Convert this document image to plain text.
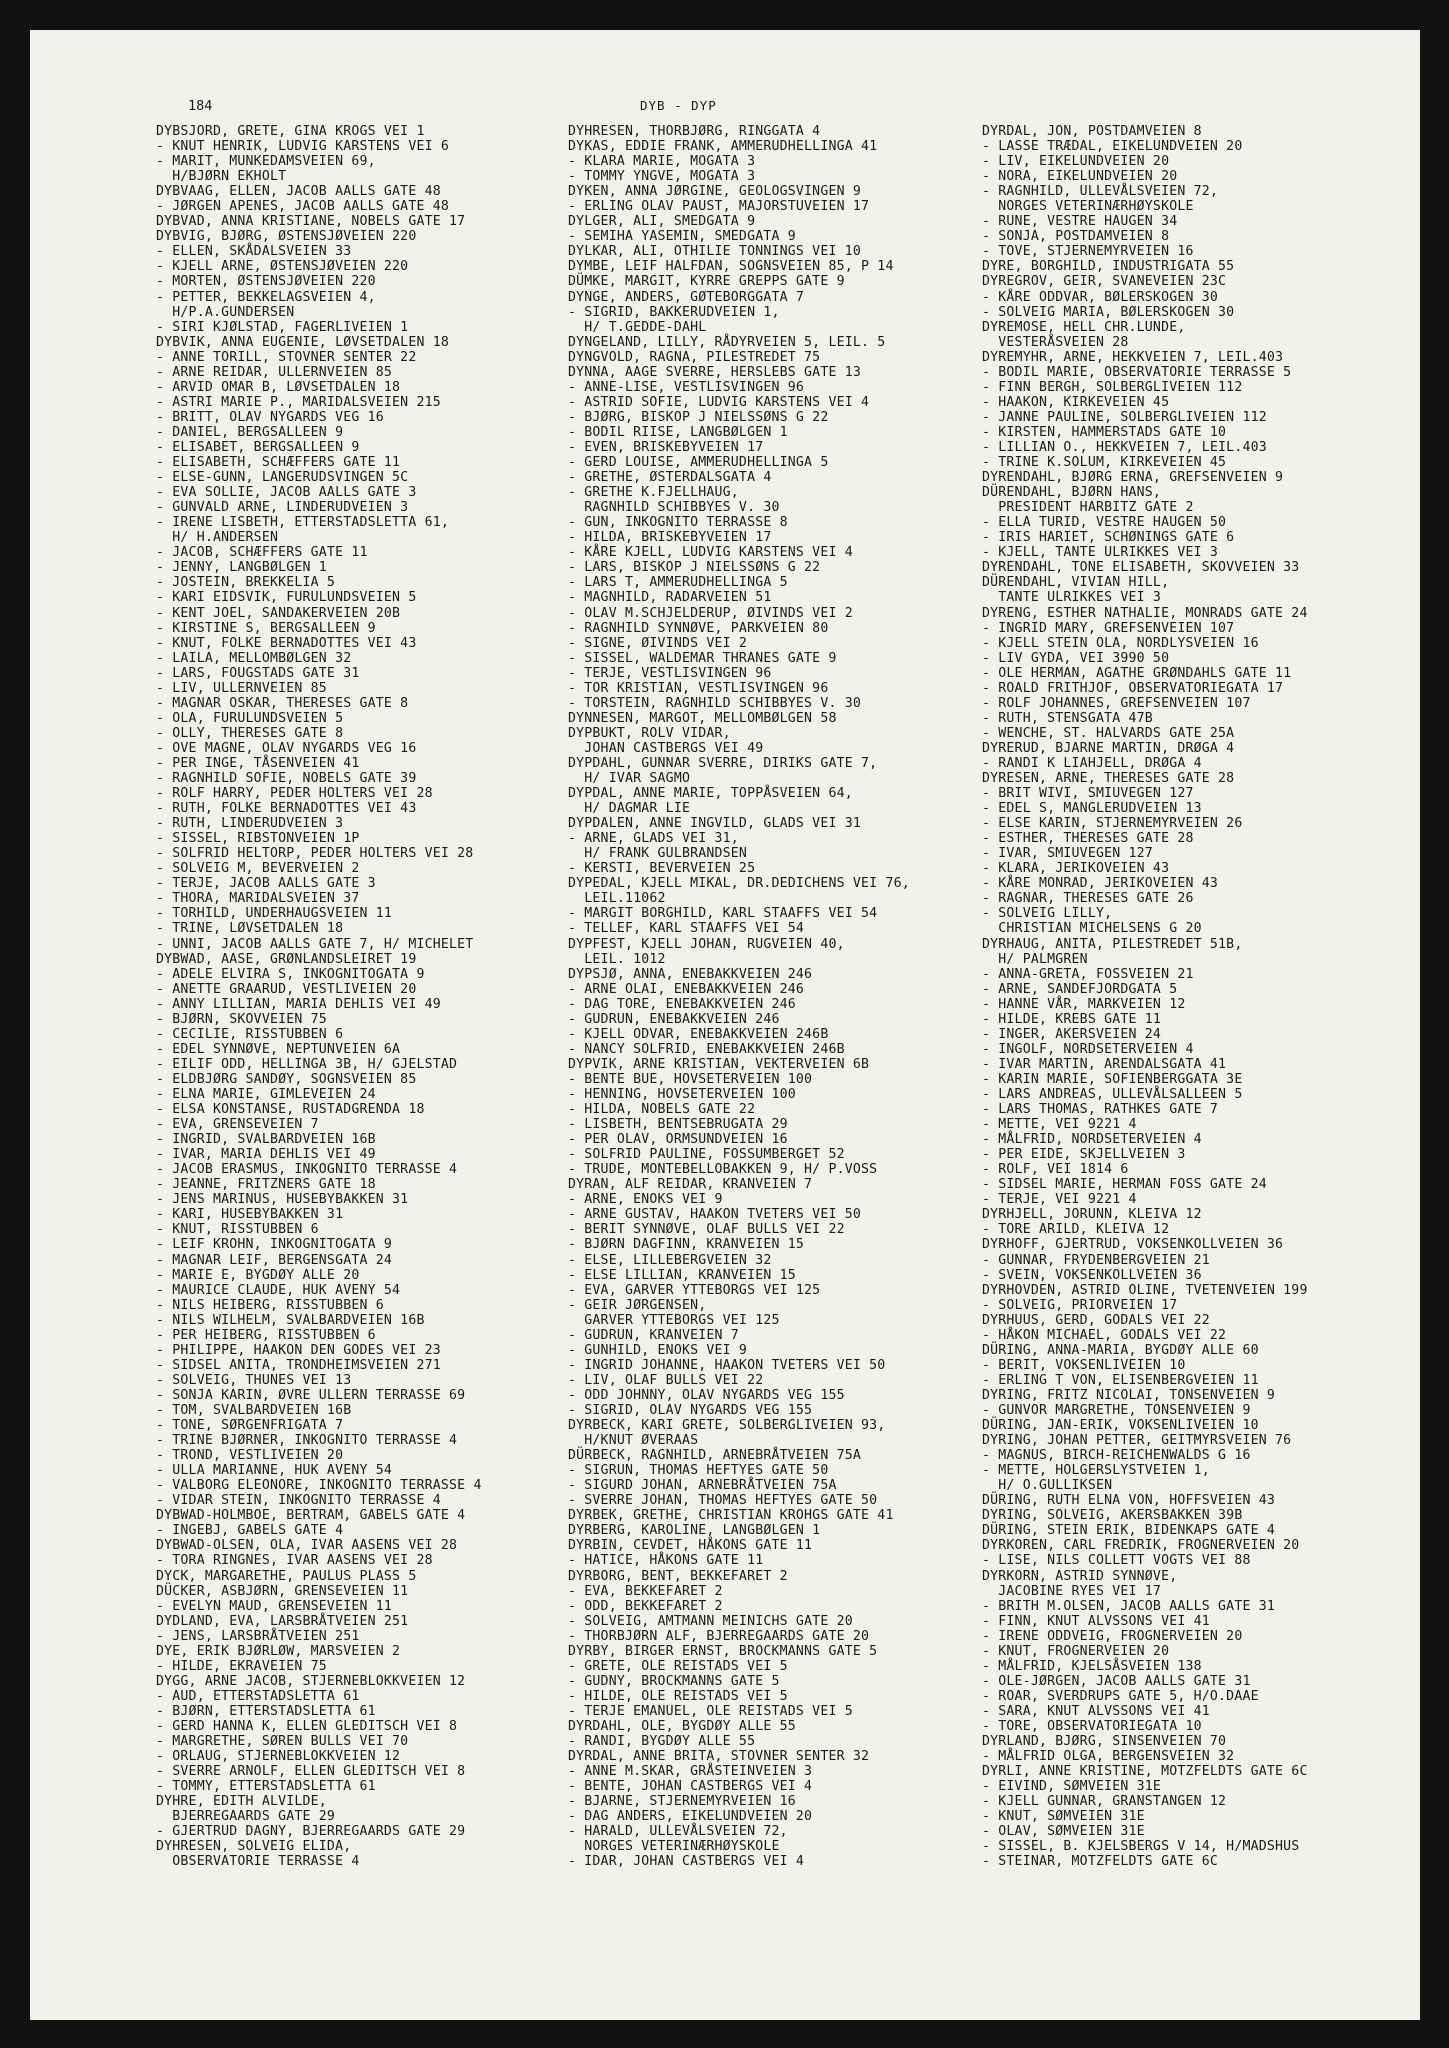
184	DYB - DYP
DYBSJORD, GRETE, GINA KROGS VEI 1
- KNUT HENRIK, LUDVIG KARSTENS VEI 6
- MARIT, MUNKEDAMSVEIEN 69,
H/BJØRN EKHOLT
DYBVAAG, ELLEN, JACOB AALLS GATE 48
- JØRGEN APENES, JACOB AALLS GATE 48
DYBVAD, ANNA KRISTIANE, NOBELS GATE 17
DYBVIG, BJØRG, ØSTENSJØVEIEN 220
- ELLEN, SKÅDALSVEIEN 33
- KJELL ARNE, ØSTENSJØVEIEN 220
- MORTEN, ØSTENSJØVEIEN 220
- PETTER, BEKKELAGSVEIEN 4,
H/P.A.GUNDERSEN
- SIRI KJØLSTAD, FAGERLIVEIEN 1
DYBVIK, ANNA EUGENIE, LØVSETDALEN 18
- ANNE TORILL, STOVNER SENTER 22
- ARNE REIDAR, ULLERNVEIEN 85
- ARVID OMAR B, LØVSETDALEN 18
- ASTRI MARIE P., MARIDALSVEIEN 215
- BRITT, OLAV NYGARDS VEG 16
- DANIEL, BERGSALLEEN 9
- ELISABET, BERGSALLEEN 9
- ELISABETH, SCHÆFFERS GATE 11
- ELSE-GUNN, LANGERUDSVINGEN 5C
- EVA SOLLIE, JACOB AALLS GATE 3
- GUNVALD ARNE, LINDERUDVEIEN 3
- IRENE LISBETH, ETTERSTADSLETTA 61,
H/ H.ANDERSEN
- JACOB, SCHÆFFERS GATE 11
- JENNY, LANGBØLGEN 1
- JOSTEIN, BREKKELIA 5
- KARI EIDSVIK, FURULUNDSVEIEN 5
- KENT JOEL, SANDAKERVEIEN 20B
- KIRSTINE S, BERGSALLEEN 9
- KNUT, FOLKE BERNADOTTES VEI 43
- LAILA, MELLOMBØLGEN 32
- LARS, FOUGSTADS GATE 31
- LIV, ULLERNVEIEN 85
- MAGNAR OSKAR, THERESES GATE 8
- OLA, FURULUNDSVEIEN 5
- OLLY, THERESES GATE 8
- OVE MAGNE, OLAV NYGARDS VEG 16
- PER INGE, TÅSENVEIEN 41
- RAGNHILD SOFIE, NOBELS GATE 39
- ROLF HARRY, PEDER HOLTERS VEI 28
- RUTH, FOLKE BERNADOTTES VEI 43
- RUTH, LINDERUDVEIEN 3
- SISSEL, RIBSTONVEIEN 1P
- SOLFRID HELTORP, PEDER HOLTERS VEI 28
- SOLVEIG M, BEVERVEIEN 2
- TERJE, JACOB AALLS GATE 3
- THORA, MARIDALSVEIEN 37
- TORHILD, UNDERHAUGSVEIEN 11
- TRINE, LØVSETDALEN 18
- UNNI, JACOB AALLS GATE 7, H/ MICHELET
DYBWAD, AASE, GRØNLANDSLEIRET 19
- ADELE ELVIRA S, INKOGNITOGATA 9
- ANETTE GRAARUD, VESTLIVEIEN 20
- ANNY LILLIAN, MARIA DEHLIS VEI 49
- BJØRN, SKOVVEIEN 75
- CECILIE, RISSTUBBEN 6
- EDEL SYNNØVE, NEPTUNVEIEN 6A
- EILIF ODD, HELLINGA 3B, H/ GJELSTAD
- ELDBJØRG SANDØY, SOGNSVEIEN 85
- ELNA MARIE, GIMLEVEIEN 24
- ELSA KONSTANSE, RUSTADGRENDA 18
- EVA, GRENSEVEIEN 7
- INGRID, SVALBARDVEIEN 16B
- IVAR, MARIA DEHLIS VEI 49
- JACOB ERASMUS, INKOGNITO TERRASSE 4
- JEANNE, FRITZNERS GATE 18
- JENS MARINUS, HUSEBYBAKKEN 31
- KARI, HUSEBYBAKKEN 31
- KNUT, RISSTUBBEN 6
- LEIF KROHN, INKOGNITOGATA 9
- MAGNAR LEIF, BERGENSGATA 24
- MARIE E, BYGDØY ALLE 20
- MAURICE CLAUDE, HUK AVENY 54
- NILS HEIBERG, RISSTUBBEN 6
- NILS WILHELM, SVALBARDVEIEN 16B
- PER HEIBERG, RISSTUBBEN 6
- PHILIPPE, HAAKON DEN GODES VEI 23
- SIDSEL ANITA, TRONDHEIMSVEIEN 271
- SOLVEIG, THUNES VEI 13
- SONJA KARIN, ØVRE ULLERN TERRASSE 69
- TOM, SVALBARDVEIEN 16B
- TONE, SØRGENFRIGATA 7
- TRINE BJØRNER, INKOGNITO TERRASSE 4
- TROND, VESTLIVEIEN 20
- ULLA MARIANNE, HUK AVENY 54
- VALBORG ELEONORE, INKOGNITO TERRASSE 4
- VIDAR STEIN, INKOGNITO TERRASSE 4
DYBWAD-HOLMBOE, BERTRAM, GABELS GATE 4
- INGEBJ, GABELS GATE 4
DYBWAD-OLSEN, OLA, IVAR AASENS VEI 28
- TORA RINGNES, IVAR AASENS VEI 28
DYCK, MARGARETHE, PAULUS PLASS 5
DÜCKER, ASBJØRN, GRENSEVEIEN 11
- EVELYN MAUD, GRENSEVEIEN 11
DYDLAND, EVA, LARSBRÅTVEIEN 251
- JENS, LARSBRÅTVEIEN 251
DYE, ERIK BJØRLØW, MARSVEIEN 2
- HILDE, EKRAVEIEN 75
DYGG, ARNE JACOB, STJERNEBLOKKVEIEN 12
- AUD, ETTERSTADSLETTA 61
- BJØRN, ETTERSTADSLETTA 61
- GERD HANNA K, ELLEN GLEDITSCH VEI 8
- MARGRETHE, SØREN BULLS VEI 70
- ORLAUG, STJERNEBLOKKVEIEN 12
- SVERRE ARNOLF, ELLEN GLEDITSCH VEI 8
- TOMMY, ETTERSTADSLETTA 61
DYHRE, EDITH ALVILDE,
BJERREGAARDS GATE 29
- GJERTRUD DAGNY, BJERREGAARDS GATE 29
DYHRESEN, SOLVEIG ELIDA,
OBSERVATORIE TERRASSE 4
DYHRESEN, THORBJØRG, RINGGATA 4
DYKAS, EDDIE FRANK, AMMERUDHELLINGA 41
- KLARA MARIE, MOGATA 3
- TOMMY YNGVE, MOGATA 3
DYKEN, ANNA JØRGINE, GEOLOGSVINGEN 9
- ERLING OLAV PAUST, MAJORSTUVEIEN 17
DYLGER, ALI, SMEDGATA 9
- SEMIHA YASEMIN, SMEDGATA 9
DYLKAR, ALI, OTHILIE TONNINGS VEI 10
DYMBE, LEIF HALFDAN, SOGNSVEIEN 85, P 14
DÜMKE, MARGIT, KYRRE GREPPS GATE 9
DYNGE, ANDERS, GØTEBORGGATA 7
- SIGRID, BAKKERUDVEIEN 1,
H/ T.GEDDE-DAHL
DYNGELAND, LILLY, RÅDYRVEIEN 5, LEIL. 5
DYNGVOLD, RAGNA, PILESTREDET 75
DYNNA, AAGE SVERRE, HERSLEBS GATE 13
- ANNE-LISE, VESTLISVINGEN 96
- ASTRID SOFIE, LUDVIG KARSTENS VEI 4
- BJØRG, BISKOP J NIELSSØNS G 22
- BODIL RIISE, LANGBØLGEN 1
- EVEN, BRISKEBYVEIEN 17
- GERD LOUISE, AMMERUDHELLINGA 5
- GRETHE, ØSTERDALSGATA 4
- GRETHE K.FJELLHAUG,
RAGNHILD SCHIBBYES V. 30
- GUN, INKOGNITO TERRASSE 8
- HILDA, BRISKEBYVEIEN 17
- KÅRE KJELL, LUDVIG KARSTENS VEI 4
- LARS, BISKOP J NIELSSØNS G 22
- LARS T, AMMERUDHELLINGA 5
- MAGNHILD, RADARVEIEN 51
- OLAV M.SCHJELDERUP, ØIVINDS VEI 2
- RAGNHILD SYNNØVE, PARKVEIEN 80
- SIGNE, ØIVINDS VEI 2
- SISSEL, WALDEMAR THRANES GATE 9
- TERJE, VESTLISVINGEN 96
- TOR KRISTIAN, VESTLISVINGEN 96
- TORSTEIN, RAGNHILD SCHIBBYES V. 30
DYNNESEN, MARGOT, MELLOMBØLGEN 58
DYPBUKT, ROLV VIDAR,
JOHAN CASTBERGS VEI 49
DYPDAHL, GUNNAR SVERRE, DIRIKS GATE 7,
H/ IVAR SAGMO
DYPDAL, ANNE MARIE, TOPPÅSVEIEN 64,
H/ DAGMAR LIE
DYPDALEN, ANNE INGVILD, GLADS VEI 31
- ARNE, GLADS VEI 31,
H/ FRANK GULBRANDSEN
- KERSTI, BEVERVEIEN 25
DYPEDAL, KJELL MIKAL, DR.DEDICHENS VEI 76,
LEIL.11062
- MARGIT BORGHILD, KARL STAAFFS VEI 54
- TELLEF, KARL STAAFFS VEI 54
DYPFEST, KJELL JOHAN, RUGVEIEN 40,
LEIL. 1012
DYPSJØ, ANNA, ENEBAKKVEIEN 246
- ARNE OLAI, ENEBAKKVEIEN 246
- DAG TORE, ENEBAKKVEIEN 246
- GUDRUN, ENEBAKKVEIEN 246
- KJELL ODVAR, ENEBAKKVEIEN 246B
- NANCY SOLFRID, ENEBAKKVEIEN 246B
DYPVIK, ARNE KRISTIAN, VEKTERVEIEN 6B
- BENTE BUE, HOVSETERVEIEN 100
- HENNING, HOVSETERVEIEN 100
- HILDA, NOBELS GATE 22
- LISBETH, BENTSEBRUGATA 29
- PER OLAV, ORMSUNDVEIEN 16
- SOLFRID PAULINE, FOSSUMBERGET 52
- TRUDE, MONTEBELLOBAKKEN 9, H/ P.VOSS
DYRAN, ALF REIDAR, KRANVEIEN 7
- ARNE, ENOKS VEI 9
- ARNE GUSTAV, HAAKON TVETERS VEI 50
- BERIT SYNNØVE, OLAF BULLS VEI 22
- BJØRN DAGFINN, KRANVEIEN 15
- ELSE, LILLEBERGVEIEN 32
- ELSE LILLIAN, KRANVEIEN 15
- EVA, GARVER YTTEBORGS VEI 125
- GEIR JØRGENSEN,
GARVER YTTEBORGS VEI 125
- GUDRUN, KRANVEIEN 7
- GUNHILD, ENOKS VEI 9
- INGRID JOHANNE, HAAKON TVETERS VEI 50
- LIV, OLAF BULLS VEI 22
- ODD JOHNNY, OLAV NYGARDS VEG 155
- SIGRID, OLAV NYGARDS VEG 155
DYRBECK, KARI GRETE, SOLBERGLIVEIEN 93,
H/KNUT ØVERAAS
DÜRBECK, RAGNHILD, ARNEBRÅTVEIEN 75A
- SIGRUN, THOMAS HEFTYES GATE 50
- SIGURD JOHAN, ARNEBRÅTVEIEN 75A
- SVERRE JOHAN, THOMAS HEFTYES GATE 50
DYRBEK, GRETHE, CHRISTIAN KROHGS GATE 41
DYRBERG, KAROLINE, LANGBØLGEN 1
DYRBIN, CEVDET, HÅKONS GATE 11
- HATICE, HÅKONS GATE 11
DYRBORG, BENT, BEKKEFARET 2
- EVA, BEKKEFARET 2
- ODD, BEKKEFARET 2
- SOLVEIG, AMTMANN MEINICHS GATE 20
- THORBJØRN ALF, BJERREGAARDS GATE 20
DYRBY, BIRGER ERNST, BROCKMANNS GATE 5
- GRETE, OLE REISTADS VEI 5
- GUDNY, BROCKMANNS GATE 5
- HILDE, OLE REISTADS VEI 5
- TERJE EMANUEL, OLE REISTADS VEI 5
DYRDAHL, OLE, BYGDØY ALLE 55
- RANDI, BYGDØY ALLE 55
DYRDAL, ANNE BRITA, STOVNER SENTER 32
- ANNE M.SKAR, GRÅSTEINVEIEN 3
- BENTE, JOHAN CASTBERGS VEI 4
- BJARNE, STJERNEMYRVEIEN 16
- DAG ANDERS, EIKELUNDVEIEN 20
- HARALD, ULLEVÅLSVEIEN 72,
NORGES VETERINÆRHØYSKOLE
- IDAR, JOHAN CASTBERGS VEI 4
DYRDAL, JON, POSTDAMVEIEN 8
- LASSE TRÆDAL, EIKELUNDVEIEN 20
- LIV, EIKELUNDVEIEN 20
- NORA, EIKELUNDVEIEN 20
- RAGNHILD, ULLEVÅLSVEIEN 72,
NORGES VETERINÆRHØYSKOLE
- RUNE, VESTRE HAUGEN 34
- SONJA, POSTDAMVEIEN 8
- TOVE, STJERNEMYRVEIEN 16
DYRE, BORGHILD, INDUSTRIGATA 55
DYREGROV, GEIR, SVANEVEIEN 23C
- KÅRE ODDVAR, BØLERSKOGEN 30
- SOLVEIG MARIA, BØLERSKOGEN 30
DYREMOSE, HELL CHR.LUNDE,
VESTERÅSVEIEN 28
DYREMYHR, ARNE, HEKKVEIEN 7, LEIL.403
- BODIL MARIE, OBSERVATORIE TERRASSE 5
- FINN BERGH, SOLBERGLIVEIEN 112
- HAAKON, KIRKEVEIEN 45
- JANNE PAULINE, SOLBERGLIVEIEN 112
- KIRSTEN, HAMMERSTADS GATE 10
- LILLIAN O., HEKKVEIEN 7, LEIL.403
- TRINE K.SOLUM, KIRKEVEIEN 45
DYRENDAHL, BJØRG ERNA, GREFSENVEIEN 9
DÜRENDAHL, BJØRN HANS,
PRESIDENT HARBITZ GATE 2
- ELLA TURID, VESTRE HAUGEN 50
- IRIS HARIET, SCHØNINGS GATE 6
- KJELL, TANTE ULRIKKES VEI 3
DYRENDAHL, TONE ELISABETH, SKOVVEIEN 33
DÜRENDAHL, VIVIAN HILL,
TANTE ULRIKKES VEI 3
DYRENG, ESTHER NATHALIE, MONRADS GATE 24
- INGRID MARY, GREFSENVEIEN 107
- KJELL STEIN OLA, NORDLYSVEIEN 16
- LIV GYDA, VEI 3990 50
- OLE HERMAN, AGATHE GRØNDAHLS GATE 11
- ROALD FRITHJOF, OBSERVATORIEGATA 17
- ROLF JOHANNES, GREFSENVEIEN 107
- RUTH, STENSGATA 47B
- WENCHE, ST. HALVARDS GATE 25A
DYRERUD, BJARNE MARTIN, DRØGA 4
- RANDI K LIAHJELL, DRØGA 4
DYRESEN, ARNE, THERESES GATE 28
- BRIT WIVI, SMIUVEGEN 127
- EDEL S, MANGLERUDVEIEN 13
- ELSE KARIN, STJERNEMYRVEIEN 26
- ESTHER, THERESES GATE 28
- IVAR, SMIUVEGEN 127
- KLARA, JERIKOVEIEN 43
- KÅRE MONRAD, JERIKOVEIEN 43
- RAGNAR, THERESES GATE 26
- SOLVEIG LILLY,
CHRISTIAN MICHELSENS G 20
DYRHAUG, ANITA, PILESTREDET 51B,
H/ PALMGREN
- ANNA-GRETA, FOSSVEIEN 21
- ARNE, SANDEFJORDGATA 5
- HANNE VÅR, MARKVEIEN 12
- HILDE, KREBS GATE 11
- INGER, AKERSVEIEN 24
- INGOLF, NORDSETERVEIEN 4
- IVAR MARTIN, ARENDALSGATA 41
- KARIN MARIE, SOFIENBERGGATA 3E
- LARS ANDREAS, ULLEVÅLSALLEEN 5
- LARS THOMAS, RATHKES GATE 7
- METTE, VEI 9221 4
- MÅLFRID, NORDSETERVEIEN 4
- PER EIDE, SKJELLVEIEN 3
- ROLF, VEI 1814 6
- SIDSEL MARIE, HERMAN FOSS GATE 24
- TERJE, VEI 9221 4
DYRHJELL, JORUNN, KLEIVA 12
- TORE ARILD, KLEIVA 12
DYRHOFF, GJERTRUD, VOKSENKOLLVEIEN 36
- GUNNAR, FRYDENBERGVEIEN 21
- SVEIN, VOKSENKOLLVEIEN 36
DYRHOVDEN, ASTRID OLINE, TVETENVEIEN 199
- SOLVEIG, PRIORVEIEN 17
DYRHUUS, GERD, GODALS VEI 22
- HÅKON MICHAEL, GODALS VEI 22
DÜRING, ANNA-MARIA, BYGDØY ALLE 60
- BERIT, VOKSENLIVEIEN 10
- ERLING T VON, ELISENBERGVEIEN 11
DYRING, FRITZ NICOLAI, TONSENVEIEN 9
- GUNVOR MARGRETHE, TONSENVEIEN 9
DÜRING, JAN-ERIK, VOKSENLIVEIEN 10
DYRING, JOHAN PETTER, GEITMYRSVEIEN 76
- MAGNUS, BIRCH-REICHENWALDS G 16
- METTE, HOLGERSLYSTVEIEN 1,
H/ O.GULLIKSEN
DÜRING, RUTH ELNA VON, HOFFSVEIEN 43
DYRING, SOLVEIG, AKERSBAKKEN 39B
DÜRING, STEIN ERIK, BIDENKAPS GATE 4
DYRKOREN, CARL FREDRIK, FROGNERVEIEN 20
- LISE, NILS COLLETT VOGTS VEI 88
DYRKORN, ASTRID SYNNØVE,
JACOBINE RYES VEI 17
- BRITH M.OLSEN, JACOB AALLS GATE 31
- FINN, KNUT ALVSSONS VEI 41
- IRENE ODDVEIG, FROGNERVEIEN 20
- KNUT, FROGNERVEIEN 20
- MÅLFRID, KJELSÅSVEIEN 138
- OLE-JØRGEN, JACOB AALLS GATE 31
- ROAR, SVERDRUPS GATE 5, H/O.DAAE
- SARA, KNUT ALVSSONS VEI 41
- TORE, OBSERVATORIEGATA 10
DYRLAND, BJØRG, SINSENVEIEN 70
- MÅLFRID OLGA, BERGENSVEIEN 32
DYRLI, ANNE KRISTINE, MOTZFELDTS GATE 6C
- EIVIND, SØMVEIEN 31E
- KJELL GUNNAR, GRANSTANGEN 12
- KNUT, SØMVEIEN 31E
- OLAV, SØMVEIEN 31E
- SISSEL, B. KJELSBERGS V 14, H/MADSHUS
- STEINAR, MOTZFELDTS GATE 6C
